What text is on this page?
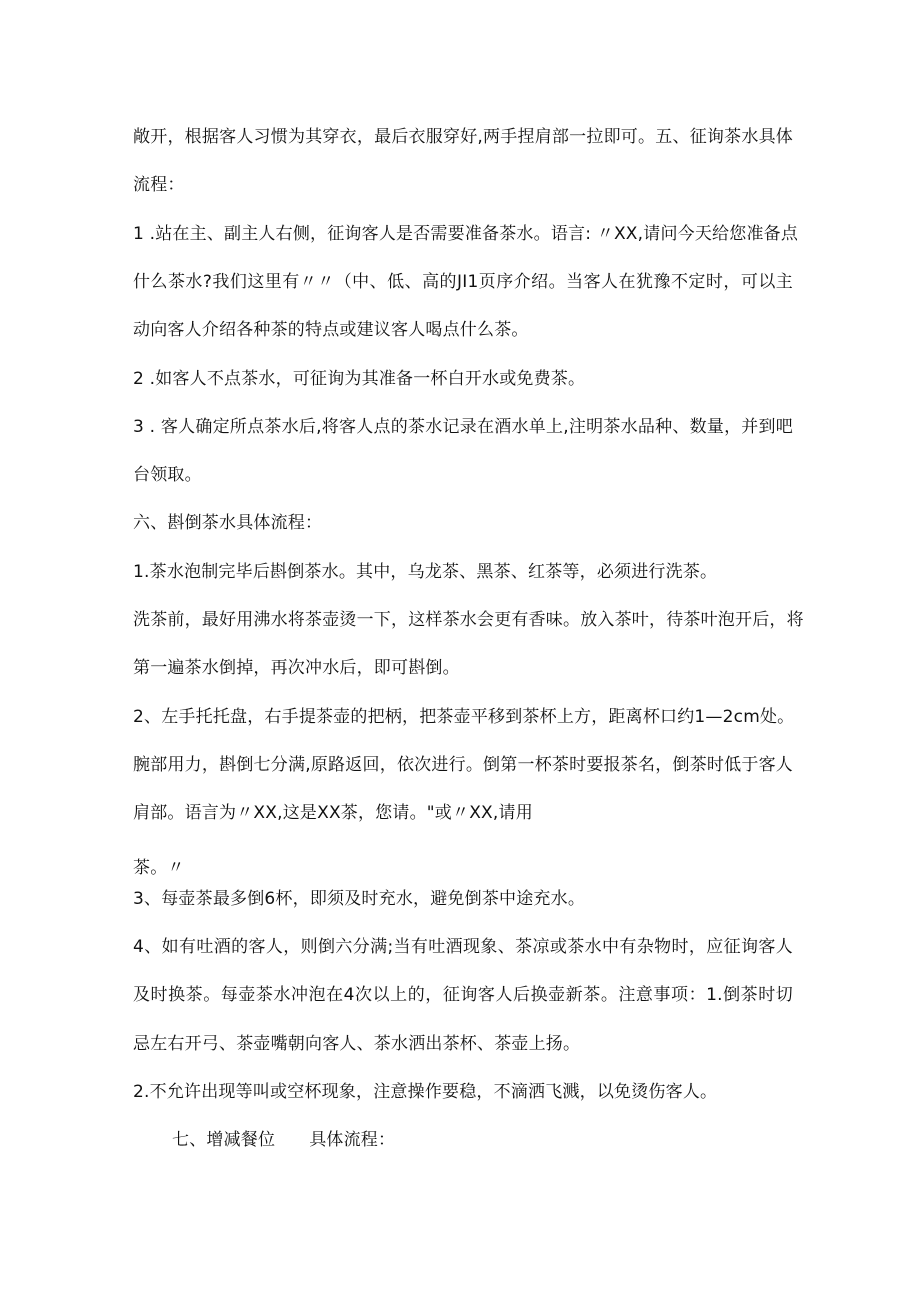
敞开，根据客人习惯为其穿衣，最后衣服穿好,两手捏肩部一拉即可。五、征询茶水具体

流程：

1 .站在主、副主人右侧，征询客人是否需要准备茶水。语言: 〃XX,请问今天给您准备点

什么茶水?我们这里有〃〃（中、低、高的JI1页序介绍。当客人在犹豫不定时，可以主

动向客人介绍各种茶的特点或建议客人喝点什么茶。

2 .如客人不点茶水，可征询为其准备一杯白开水或免费茶。

3 . 客人确定所点茶水后,将客人点的茶水记录在酒水单上,注明茶水品种、数量，并到吧

台领取。

六、斟倒茶水具体流程：

1.茶水泡制完毕后斟倒茶水。其中，乌龙茶、黑茶、红茶等，必须进行洗茶。

洗茶前，最好用沸水将茶壶烫一下，这样茶水会更有香味。放入茶叶，待茶叶泡开后，将

第一遍茶水倒掉，再次冲水后，即可斟倒。

2、左手托托盘，右手提茶壶的把柄，把茶壶平移到茶杯上方，距离杯口约1—2cm处。

腕部用力，斟倒七分满,原路返回，依次进行。倒第一杯茶时要报茶名，倒茶时低于客人

肩部。语言为〃XX,这是XX茶，您请。"或〃XX,请用

茶。〃

3、每壶茶最多倒6杯，即须及时充水，避免倒茶中途充水。

4、如有吐酒的客人，则倒六分满;当有吐酒现象、茶凉或茶水中有杂物时，应征询客人

及时换茶。每壶茶水冲泡在4次以上的，征询客人后换壶新茶。注意事项：1.倒茶时切

忌左右开弓、茶壶嘴朝向客人、茶水洒出茶杯、茶壶上扬。

2.不允许出现等叫或空杯现象，注意操作要稳，不滴洒飞溅，以免烫伤客人。

七、增减餐位 具体流程：
